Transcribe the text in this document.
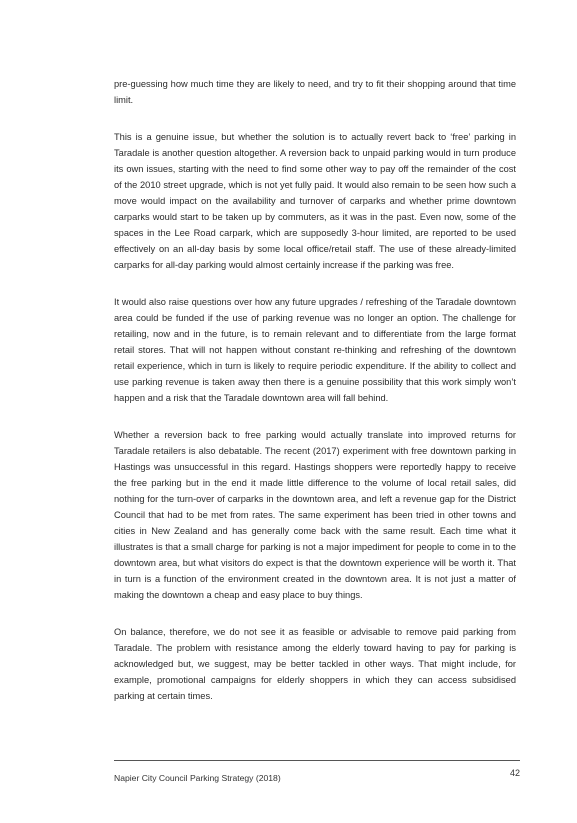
pre-guessing how much time they are likely to need, and try to fit their shopping around that time limit.

This is a genuine issue, but whether the solution is to actually revert back to ‘free’ parking in Taradale is another question altogether. A reversion back to unpaid parking would in turn produce its own issues, starting with the need to find some other way to pay off the remainder of the cost of the 2010 street upgrade, which is not yet fully paid. It would also remain to be seen how such a move would impact on the availability and turnover of carparks and whether prime downtown carparks would start to be taken up by commuters, as it was in the past. Even now, some of the spaces in the Lee Road carpark, which are supposedly 3-hour limited, are reported to be used effectively on an all-day basis by some local office/retail staff. The use of these already-limited carparks for all-day parking would almost certainly increase if the parking was free.

It would also raise questions over how any future upgrades / refreshing of the Taradale downtown area could be funded if the use of parking revenue was no longer an option. The challenge for retailing, now and in the future, is to remain relevant and to differentiate from the large format retail stores. That will not happen without constant re-thinking and refreshing of the downtown retail experience, which in turn is likely to require periodic expenditure. If the ability to collect and use parking revenue is taken away then there is a genuine possibility that this work simply won’t happen and a risk that the Taradale downtown area will fall behind.

Whether a reversion back to free parking would actually translate into improved returns for Taradale retailers is also debatable. The recent (2017) experiment with free downtown parking in Hastings was unsuccessful in this regard. Hastings shoppers were reportedly happy to receive the free parking but in the end it made little difference to the volume of local retail sales, did nothing for the turn-over of carparks in the downtown area, and left a revenue gap for the District Council that had to be met from rates. The same experiment has been tried in other towns and cities in New Zealand and has generally come back with the same result. Each time what it illustrates is that a small charge for parking is not a major impediment for people to come in to the downtown area, but what visitors do expect is that the downtown experience will be worth it. That in turn is a function of the environment created in the downtown area. It is not just a matter of making the downtown a cheap and easy place to buy things.

On balance, therefore, we do not see it as feasible or advisable to remove paid parking from Taradale. The problem with resistance among the elderly toward having to pay for parking is acknowledged but, we suggest, may be better tackled in other ways. That might include, for example, promotional campaigns for elderly shoppers in which they can access subsidised parking at certain times.

Napier City Council Parking Strategy (2018)	42
